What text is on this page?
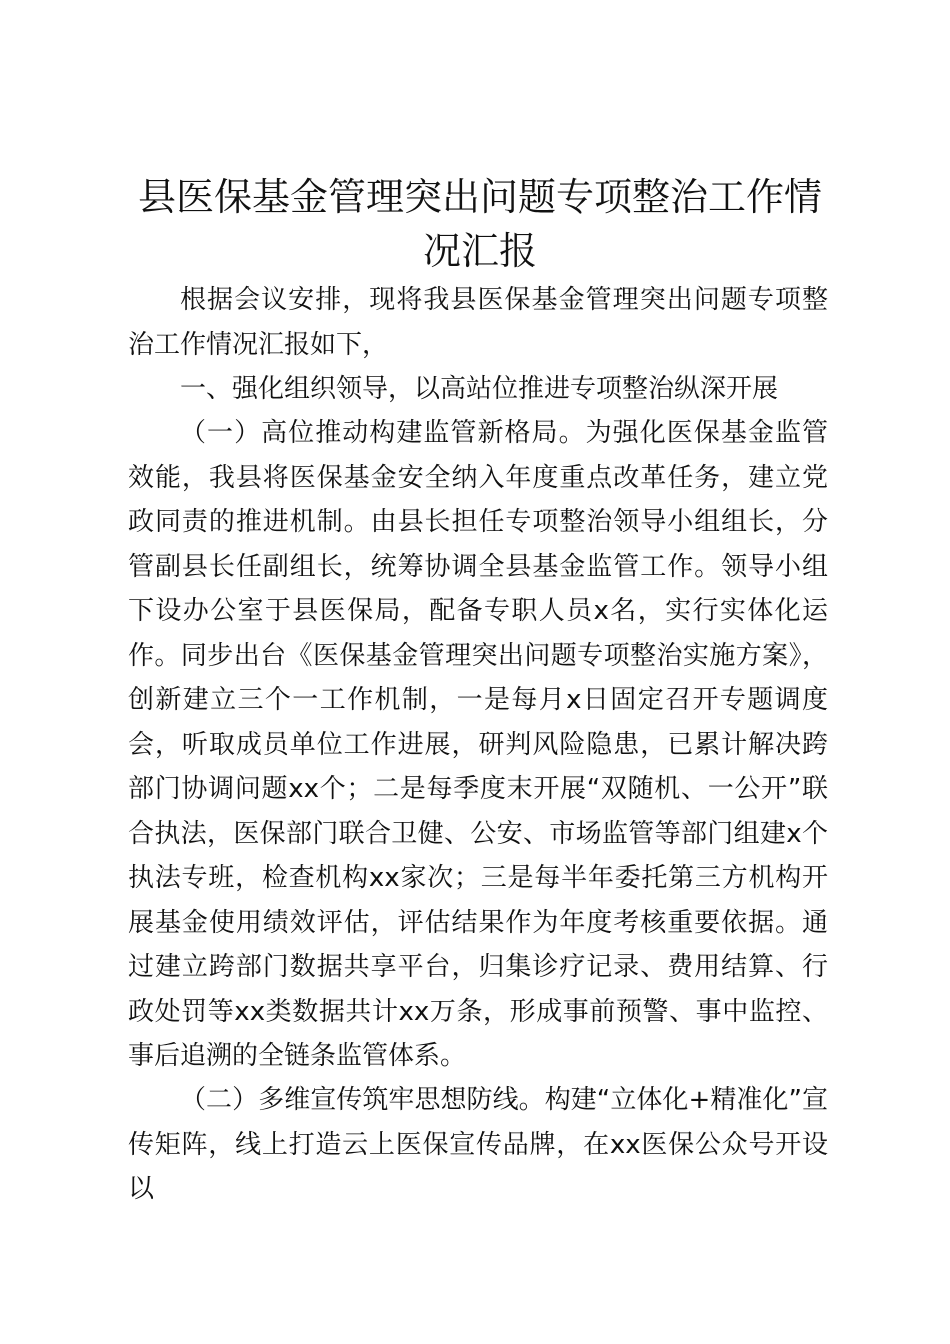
县医保基金管理突出问题专项整治工作情况汇报

根据会议安排，现将我县医保基金管理突出问题专项整治工作情况汇报如下，

一、强化组织领导，以高站位推进专项整治纵深开展

（一）高位推动构建监管新格局。为强化医保基金监管效能，我县将医保基金安全纳入年度重点改革任务，建立党政同责的推进机制。由县长担任专项整治领导小组组长，分管副县长任副组长，统筹协调全县基金监管工作。领导小组下设办公室于县医保局，配备专职人员x名，实行实体化运作。同步出台《医保基金管理突出问题专项整治实施方案》，创新建立三个一工作机制，一是每月x日固定召开专题调度会，听取成员单位工作进展，研判风险隐患，已累计解决跨部门协调问题xx个；二是每季度末开展“双随机、一公开”联合执法，医保部门联合卫健、公安、市场监管等部门组建x个执法专班，检查机构xx家次；三是每半年委托第三方机构开展基金使用绩效评估，评估结果作为年度考核重要依据。通过建立跨部门数据共享平台，归集诊疗记录、费用结算、行政处罚等xx类数据共计xx万条，形成事前预警、事中监控、事后追溯的全链条监管体系。

（二）多维宣传筑牢思想防线。构建“立体化+精准化”宣传矩阵，线上打造云上医保宣传品牌，在xx医保公众号开设以
